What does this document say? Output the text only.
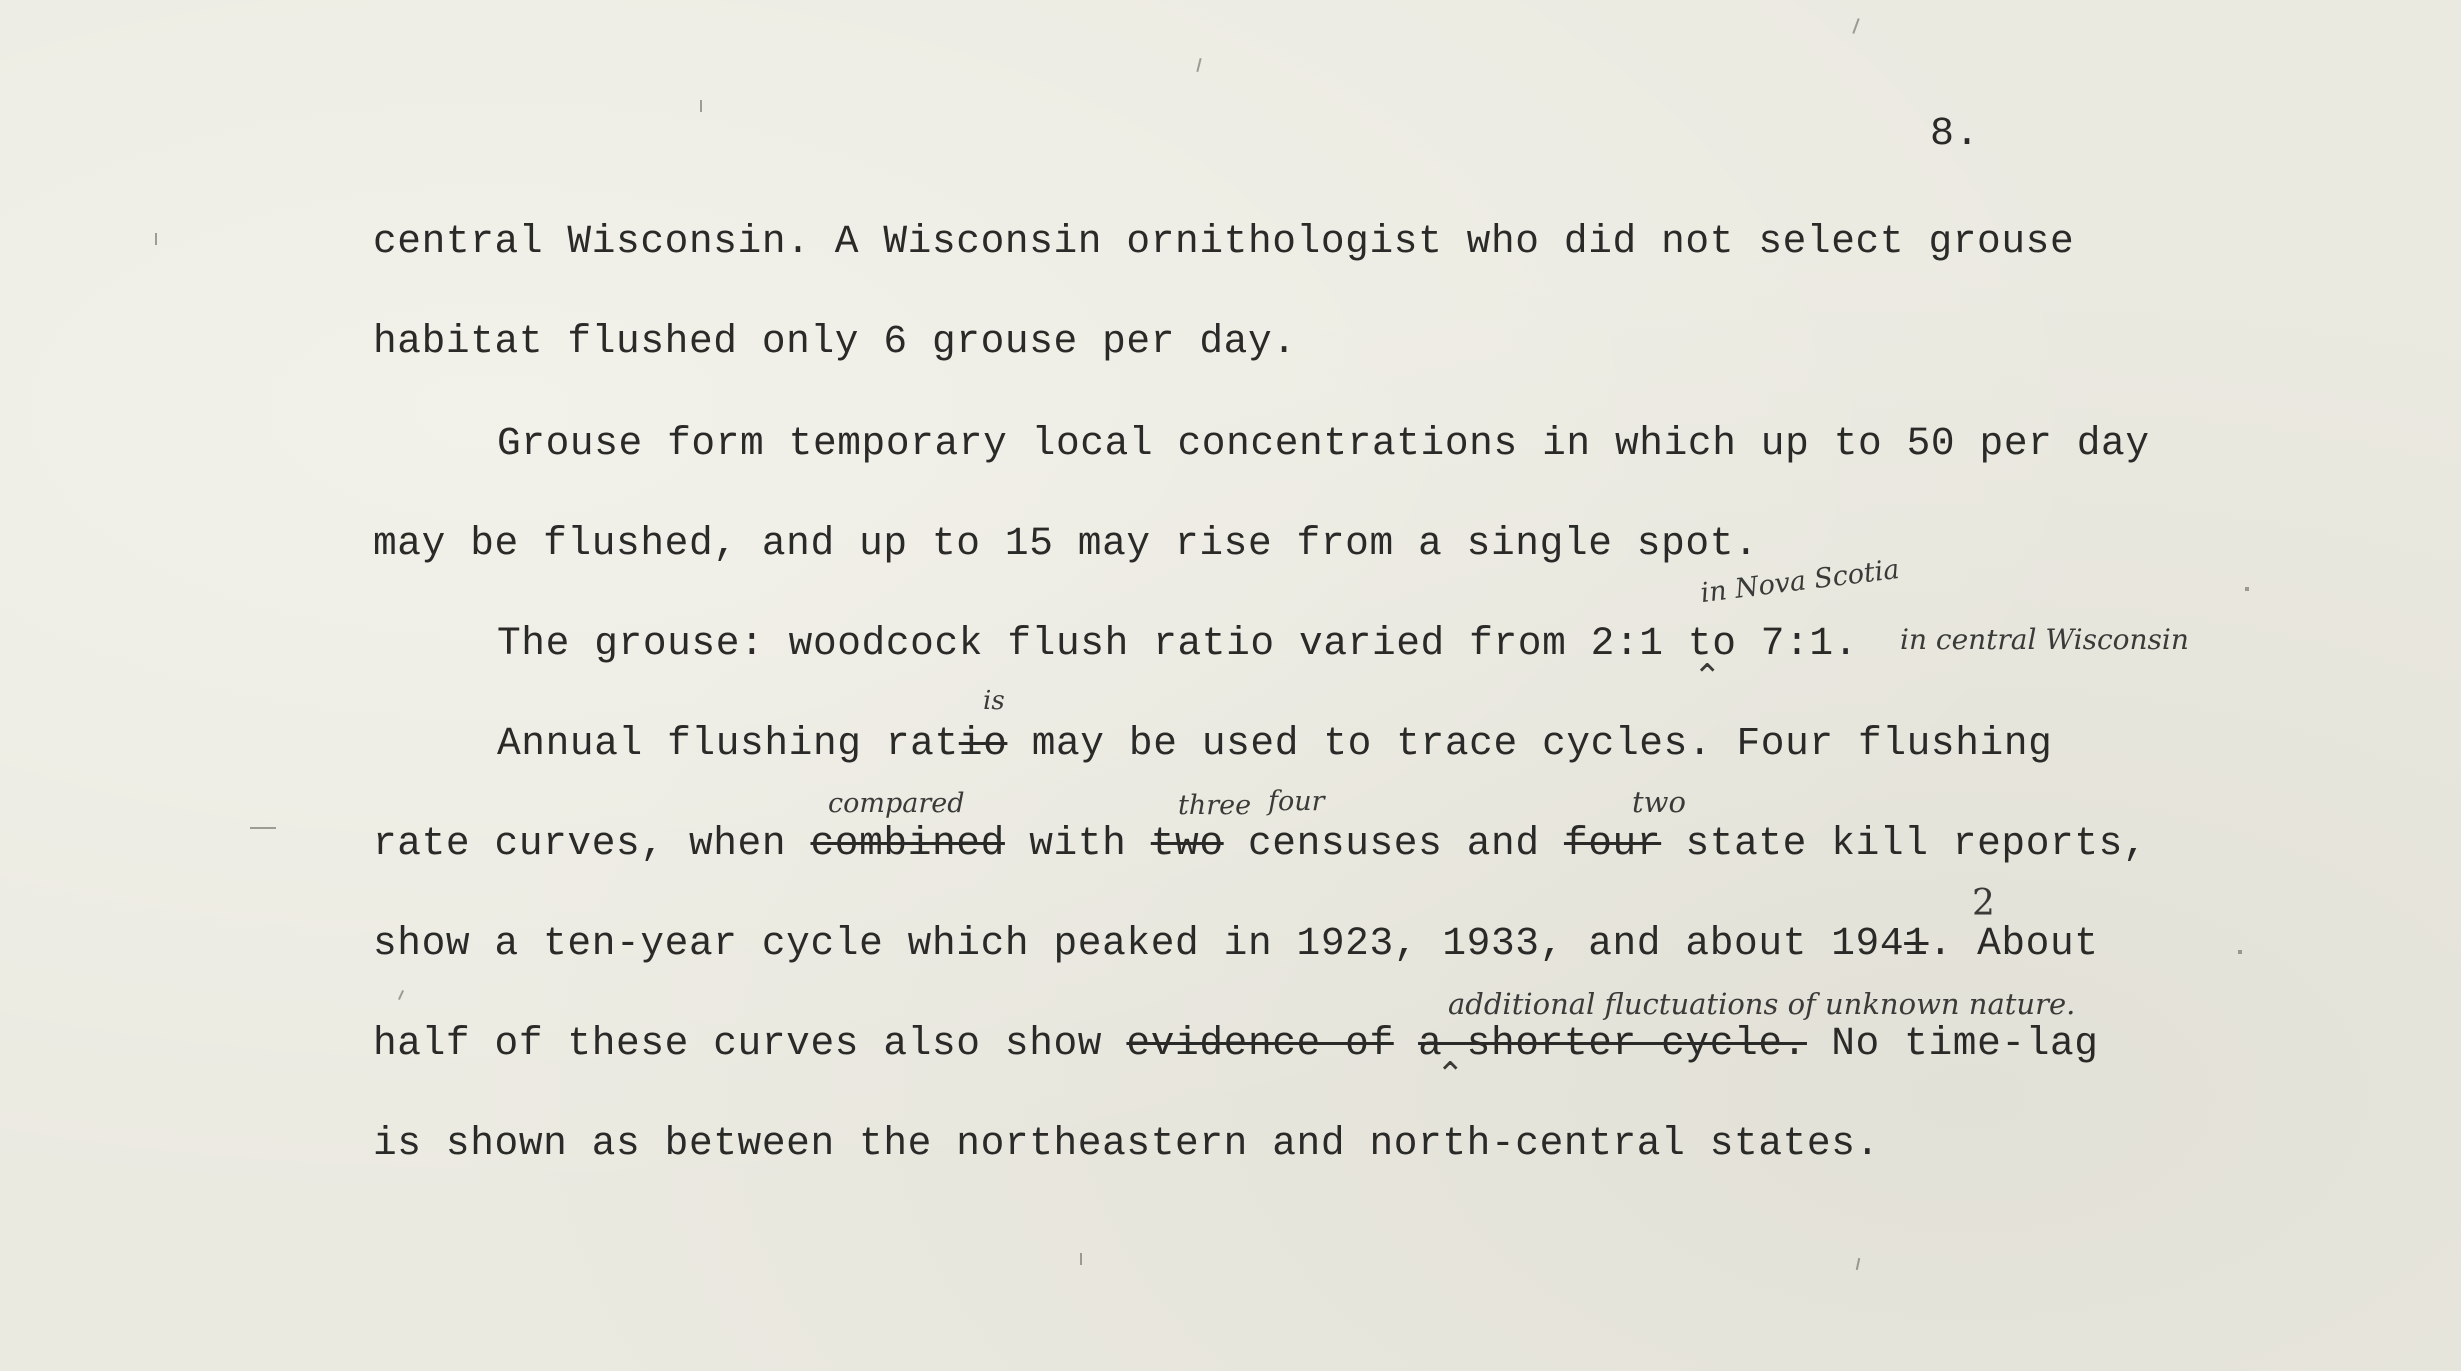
8.
central Wisconsin. A Wisconsin ornithologist who did not select grouse
habitat flushed only 6 grouse per day.
Grouse form temporary local concentrations in which up to 50 per day
may be flushed, and up to 15 may rise from a single spot.
The grouse: woodcock flush ratio varied from 2:1 to 7:1.
Annual flushing ratio may be used to trace cycles. Four flushing
rate curves, when combined with two censuses and four state kill reports,
show a ten-year cycle which peaked in 1923, 1933, and about 1941. About
half of these curves also show evidence of a shorter cycle. No time-lag
is shown as between the northeastern and north-central states.
in Nova Scotia
⌃
in central Wisconsin
is
compared	three four	two
2
additional fluctuations of unknown nature.
⌃
